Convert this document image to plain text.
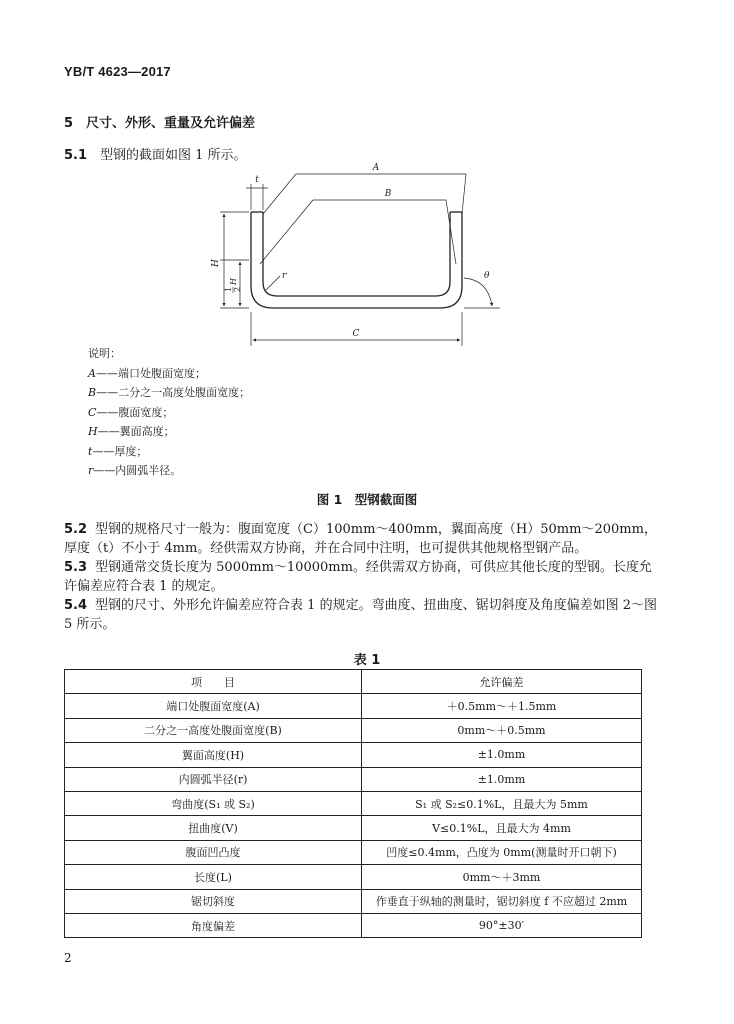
YB/T 4623—2017
5 尺寸、外形、重量及允许偏差
5.1 型钢的截面如图 1 所示。
t
A
B
C
H
r	θ
1 2
H
说明：
A——端口处腹面宽度；
B——二分之一高度处腹面宽度；
C——腹面宽度；
H——翼面高度；
t——厚度；
r——内圆弧半径。
图 1　型钢截面图

5.2 型钢的规格尺寸一般为：腹面宽度（C）100mm～400mm，翼面高度（H）50mm～200mm，厚度（t）不小于 4mm。经供需双方协商，并在合同中注明，也可提供其他规格型钢产品。

5.3 型钢通常交货长度为 5000mm～10000mm。经供需双方协商，可供应其他长度的型钢。长度允许偏差应符合表 1 的规定。

5.4 型钢的尺寸、外形允许偏差应符合表 1 的规定。弯曲度、扭曲度、锯切斜度及角度偏差如图 2～图 5 所示。

表 1
项　　目	允许偏差
端口处腹面宽度(A)	＋0.5mm～＋1.5mm
二分之一高度处腹面宽度(B)	0mm～＋0.5mm
翼面高度(H)	±1.0mm
内圆弧半径(r)	±1.0mm
弯曲度(S₁ 或 S₂)	S₁ 或 S₂≤0.1%L，且最大为 5mm
扭曲度(V)	V≤0.1%L，且最大为 4mm
腹面凹凸度	凹度≤0.4mm，凸度为 0mm(测量时开口朝下)
长度(L)	0mm～＋3mm
锯切斜度	作垂直于纵轴的测量时，锯切斜度 f 不应超过 2mm
角度偏差	90°±30′
2
